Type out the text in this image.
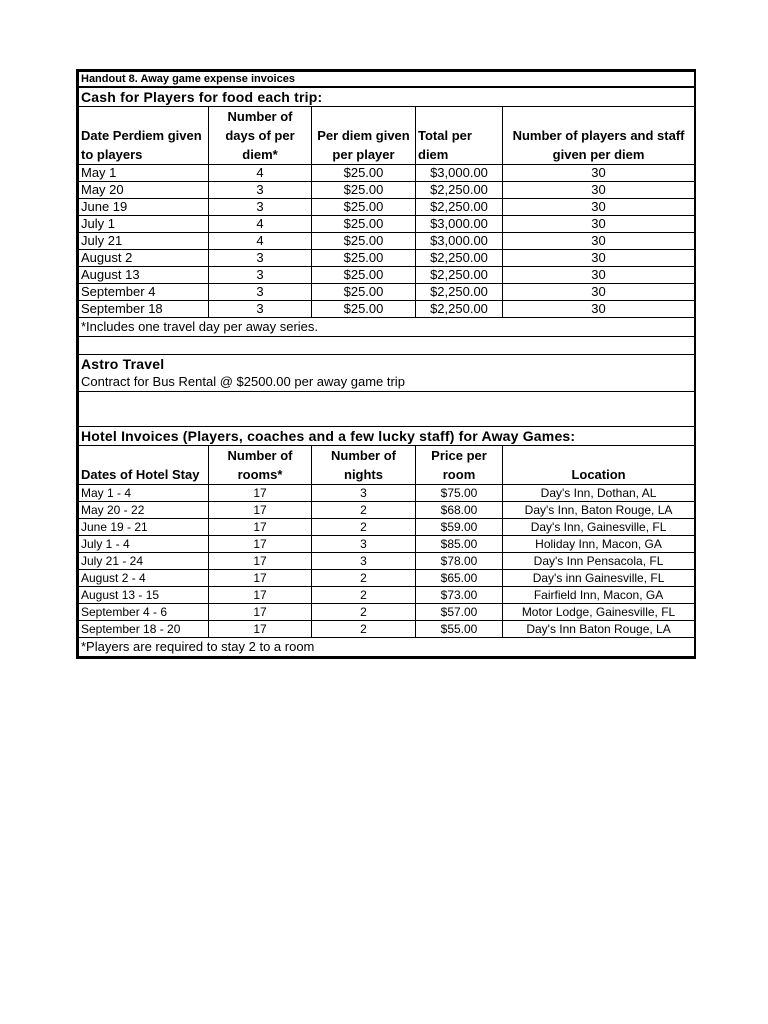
Handout 8. Away game expense invoices				
Cash for Players for food each trip:				
Date Perdiem given to players	Number of days of per diem*	Per diem given per player	Total per diem	Number of players and staff given per diem
May 1	4	$25.00	$3,000.00	30
May 20	3	$25.00	$2,250.00	30
June 19	3	$25.00	$2,250.00	30
July 1	4	$25.00	$3,000.00	30
July 21	4	$25.00	$3,000.00	30
August 2	3	$25.00	$2,250.00	30
August 13	3	$25.00	$2,250.00	30
September 4	3	$25.00	$2,250.00	30
September 18	3	$25.00	$2,250.00	30
*Includes one travel day per away series.				

Astro Travel				
Contract for Bus Rental @ $2500.00 per away game trip				

Hotel Invoices (Players, coaches and a few lucky staff) for Away Games:				
Dates of Hotel Stay	Number of rooms*	Number of nights	Price per room	Location
May 1 - 4	17	3	$75.00	Day's Inn, Dothan, AL
May 20 - 22	17	2	$68.00	Day's Inn, Baton Rouge, LA
June 19 - 21	17	2	$59.00	Day's Inn, Gainesville, FL
July 1 - 4	17	3	$85.00	Holiday Inn, Macon, GA
July 21 - 24	17	3	$78.00	Day's Inn Pensacola, FL
August 2 - 4	17	2	$65.00	Day's inn Gainesville, FL
August 13 - 15	17	2	$73.00	Fairfield Inn, Macon, GA
September 4 - 6	17	2	$57.00	Motor Lodge, Gainesville, FL
September 18 - 20	17	2	$55.00	Day's Inn Baton Rouge, LA
*Players are required to stay 2 to a room				
